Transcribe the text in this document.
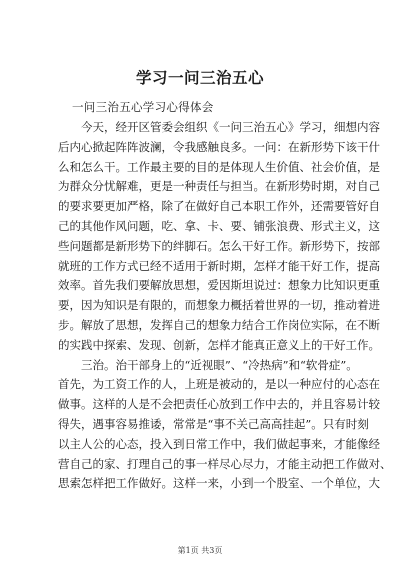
学习一问三治五心
一问三治五心学习心得体会
今天，经开区管委会组织《一问三治五心》学习，细想内容
后内心掀起阵阵波澜，令我感触良多。一问：在新形势下该干什
么和怎么干。工作最主要的目的是体现人生价值、社会价值，是
为群众分忧解难，更是一种责任与担当。在新形势时期，对自己
的要求要更加严格，除了在做好自己本职工作外，还需要管好自
己的其他作风问题，吃、拿、卡、要、铺张浪费、形式主义，这
些问题都是新形势下的绊脚石。怎么干好工作。新形势下，按部
就班的工作方式已经不适用于新时期，怎样才能干好工作，提高
效率。首先我们要解放思想，爱因斯坦说过：想象力比知识更重
要，因为知识是有限的，而想象力概括着世界的一切，推动着进
步。解放了思想，发挥自己的想象力结合工作岗位实际，在不断
的实践中探索、发现、创新，怎样才能真正意义上的干好工作。
三治。治干部身上的“近视眼”、“冷热病”和“软骨症”。
首先，为工资工作的人，上班是被动的，是以一种应付的心态在
做事。这样的人是不会把责任心放到工作中去的，并且容易计较
得失，遇事容易推诿，常常是“事不关己高高挂起”。只有时刻
以主人公的心态，投入到日常工作中，我们做起事来，才能像经
营自己的家、打理自己的事一样尽心尽力，才能主动把工作做对、
思索怎样把工作做好。这样一来，小到一个股室、一个单位，大
第1页 共3页
